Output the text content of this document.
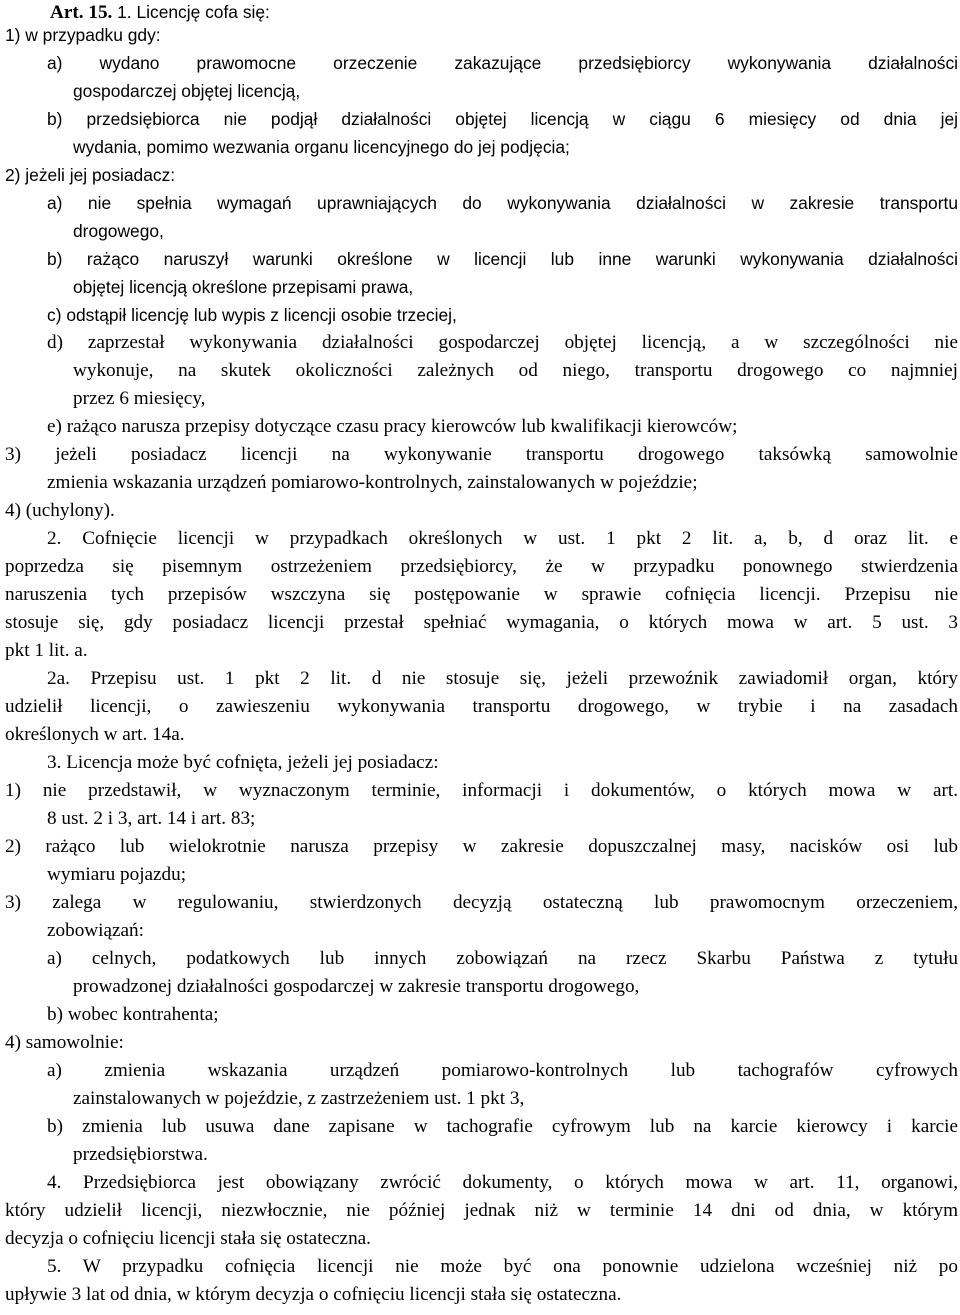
Art. 15. 1. Licencję cofa się:
1) w przypadku gdy:
a) wydano prawomocne orzeczenie zakazujące przedsiębiorcy wykonywania działalności
gospodarczej objętej licencją,
b) przedsiębiorca nie podjął działalności objętej licencją w ciągu 6 miesięcy od dnia jej
wydania, pomimo wezwania organu licencyjnego do jej podjęcia;
2) jeżeli jej posiadacz:
a) nie spełnia wymagań uprawniających do wykonywania działalności w zakresie transportu
drogowego,
b) rażąco naruszył warunki określone w licencji lub inne warunki wykonywania działalności
objętej licencją określone przepisami prawa,
c) odstąpił licencję lub wypis z licencji osobie trzeciej,
d) zaprzestał wykonywania działalności gospodarczej objętej licencją, a w szczególności nie
wykonuje, na skutek okoliczności zależnych od niego, transportu drogowego co najmniej
przez 6 miesięcy,
e) rażąco narusza przepisy dotyczące czasu pracy kierowców lub kwalifikacji kierowców;
3) jeżeli posiadacz licencji na wykonywanie transportu drogowego taksówką samowolnie
zmienia wskazania urządzeń pomiarowo-kontrolnych, zainstalowanych w pojeździe;
4) (uchylony).
2. Cofnięcie licencji w przypadkach określonych w ust. 1 pkt 2 lit. a, b, d oraz lit. e
poprzedza się pisemnym ostrzeżeniem przedsiębiorcy, że w przypadku ponownego stwierdzenia
naruszenia tych przepisów wszczyna się postępowanie w sprawie cofnięcia licencji. Przepisu nie
stosuje się, gdy posiadacz licencji przestał spełniać wymagania, o których mowa w art. 5 ust. 3
pkt 1 lit. a.
2a. Przepisu ust. 1 pkt 2 lit. d nie stosuje się, jeżeli przewoźnik zawiadomił organ, który
udzielił licencji, o zawieszeniu wykonywania transportu drogowego, w trybie i na zasadach
określonych w art. 14a.
3. Licencja może być cofnięta, jeżeli jej posiadacz:
1) nie przedstawił, w wyznaczonym terminie, informacji i dokumentów, o których mowa w art.
8 ust. 2 i 3, art. 14 i art. 83;
2) rażąco lub wielokrotnie narusza przepisy w zakresie dopuszczalnej masy, nacisków osi lub
wymiaru pojazdu;
3) zalega w regulowaniu, stwierdzonych decyzją ostateczną lub prawomocnym orzeczeniem,
zobowiązań:
a) celnych, podatkowych lub innych zobowiązań na rzecz Skarbu Państwa z tytułu
prowadzonej działalności gospodarczej w zakresie transportu drogowego,
b) wobec kontrahenta;
4) samowolnie:
a) zmienia wskazania urządzeń pomiarowo-kontrolnych lub tachografów cyfrowych
zainstalowanych w pojeździe, z zastrzeżeniem ust. 1 pkt 3,
b) zmienia lub usuwa dane zapisane w tachografie cyfrowym lub na karcie kierowcy i karcie
przedsiębiorstwa.
4. Przedsiębiorca jest obowiązany zwrócić dokumenty, o których mowa w art. 11, organowi,
który udzielił licencji, niezwłocznie, nie później jednak niż w terminie 14 dni od dnia, w którym
decyzja o cofnięciu licencji stała się ostateczna.
5. W przypadku cofnięcia licencji nie może być ona ponownie udzielona wcześniej niż po
upływie 3 lat od dnia, w którym decyzja o cofnięciu licencji stała się ostateczna.
